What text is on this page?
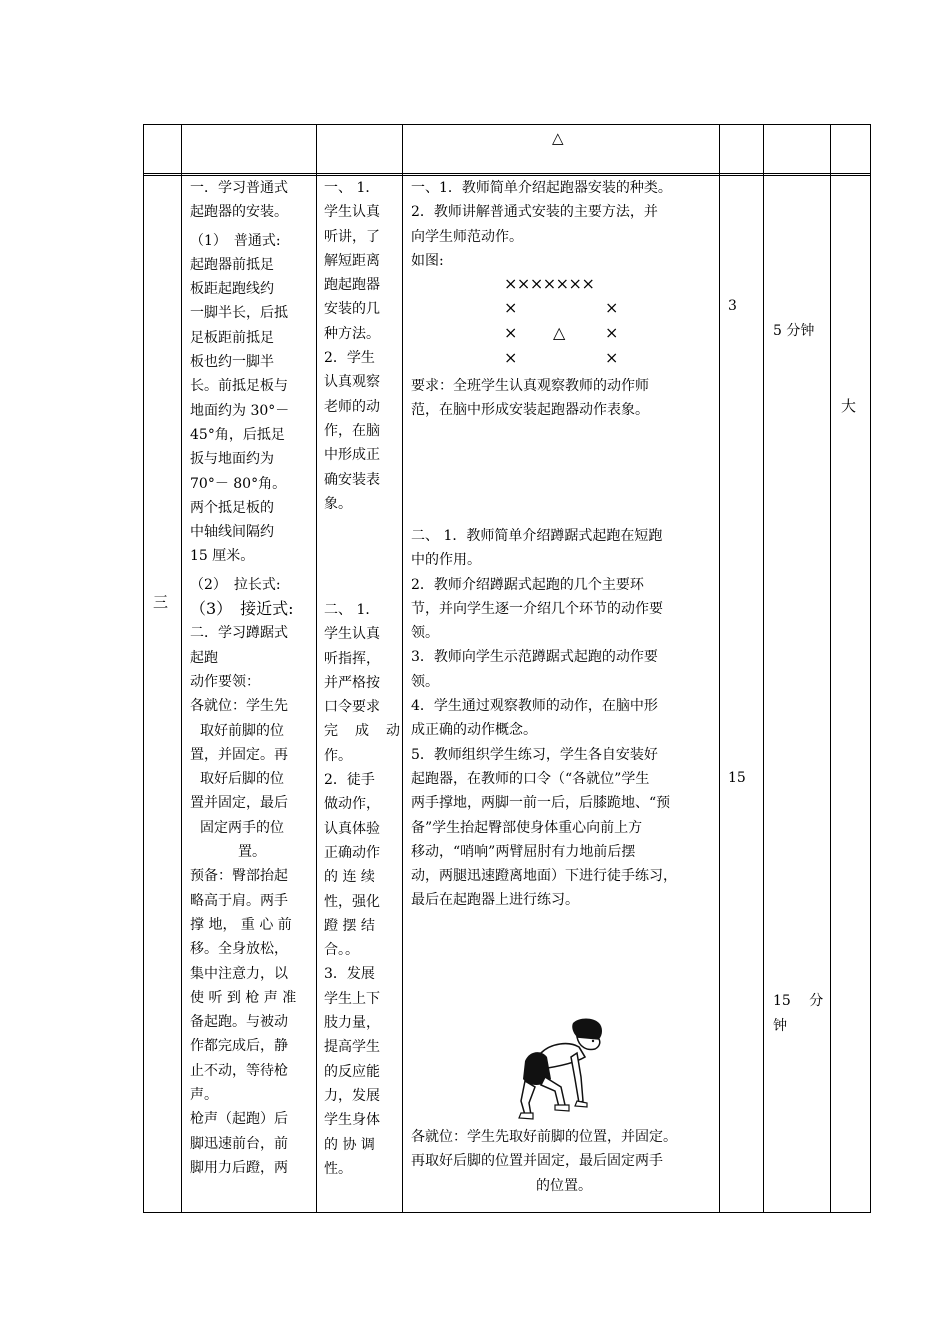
△
三

一．学习普通式

起跑器的安装。

（1）　普通式:

起跑器前抵足

板距起跑线约

一脚半长，后抵

足板距前抵足

板也约一脚半

长。前抵足板与

地面约为 30°－

45°角，后抵足

扳与地面约为

70°－ 80°角。

两个抵足板的

中轴线间隔约

15 厘米。

（2）　拉长式:

（3）　接近式:

二．学习蹲踞式

起跑

动作要领：

各就位：学生先

取好前脚的位

置，并固定。再

取好后脚的位

置并固定，最后

固定两手的位

置。

预备：臀部抬起

略高于肩。两手

撑 地， 重 心 前

移。全身放松，

集中注意力，以

使 听 到 枪 声 准

备起跑。与被动

作都完成后，静

止不动，等待枪

声。

枪声（起跑）后

脚迅速前台，前

脚用力后蹬，两

一、 1．

学生认真

听讲，了

解短距离

跑起跑器

安装的几

种方法。

2．学生

认真观察

老师的动

作，在脑

中形成正

确安装表

象。

二、 1．

学生认真

听指挥，

并严格按

口令要求

完 成 动

作。

2．徒手

做动作，

认真体验

正确动作

的 连 续

性，强化

蹬 摆 结

合。。

3．发展

学生上下

肢力量，

提高学生

的反应能

力，发展

学生身体

的 协 调

性。

一、1．教师简单介绍起跑器安装的种类。

2．教师讲解普通式安装的主要方法，并

向学生师范动作。

如图:

×××××××
×	×
× △ ×
×	×

要求：全班学生认真观察教师的动作师

范，在脑中形成安装起跑器动作表象。

二、 1．教师简单介绍蹲踞式起跑在短跑

中的作用。

2．教师介绍蹲踞式起跑的几个主要环

节，并向学生逐一介绍几个环节的动作要

领。

3．教师向学生示范蹲踞式起跑的动作要

领。

4．学生通过观察教师的动作，在脑中形

成正确的动作概念。

5．教师组织学生练习，学生各自安装好

起跑器，在教师的口令（“各就位”学生

两手撑地，两脚一前一后，后膝跪地、“预

备”学生抬起臀部使身体重心向前上方

移动，“哨响”两臂屈肘有力地前后摆

动，两腿迅速蹬离地面）下进行徒手练习，

最后在起跑器上进行练习。

各就位：学生先取好前脚的位置，并固定。

再取好后脚的位置并固定，最后固定两手

的位置。

3
15
5 分钟
15　 分
钟
大
